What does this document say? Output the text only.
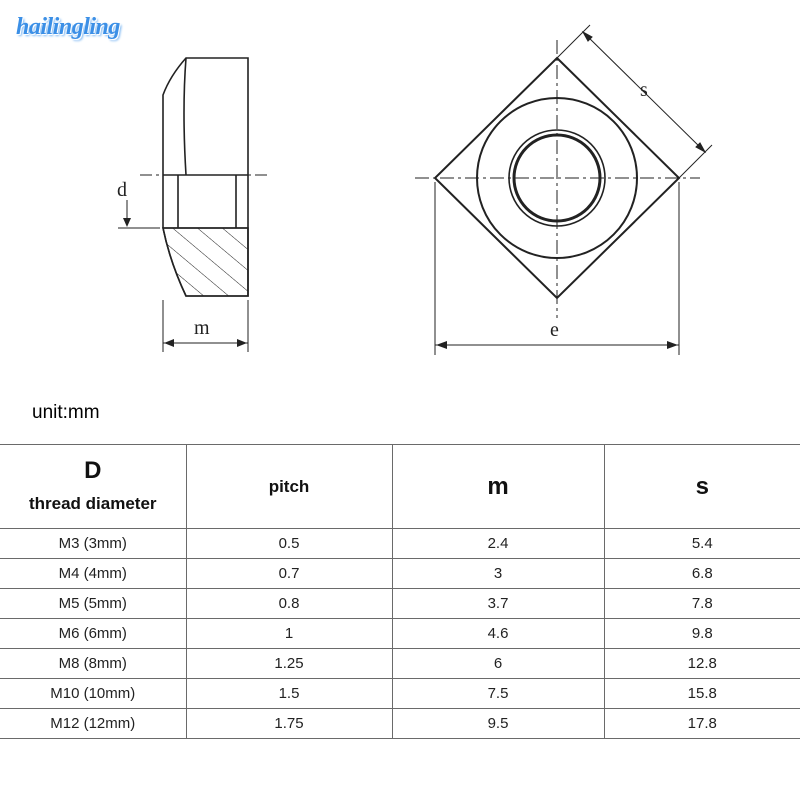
hailingling
d
m
s
e
unit:mm
D
thread diameter	pitch	m	s
M3 (3mm)	0.5	2.4	5.4
M4 (4mm)	0.7	3	6.8
M5 (5mm)	0.8	3.7	7.8
M6 (6mm)	1	4.6	9.8
M8 (8mm)	1.25	6	12.8
M10 (10mm)	1.5	7.5	15.8
M12 (12mm)	1.75	9.5	17.8
